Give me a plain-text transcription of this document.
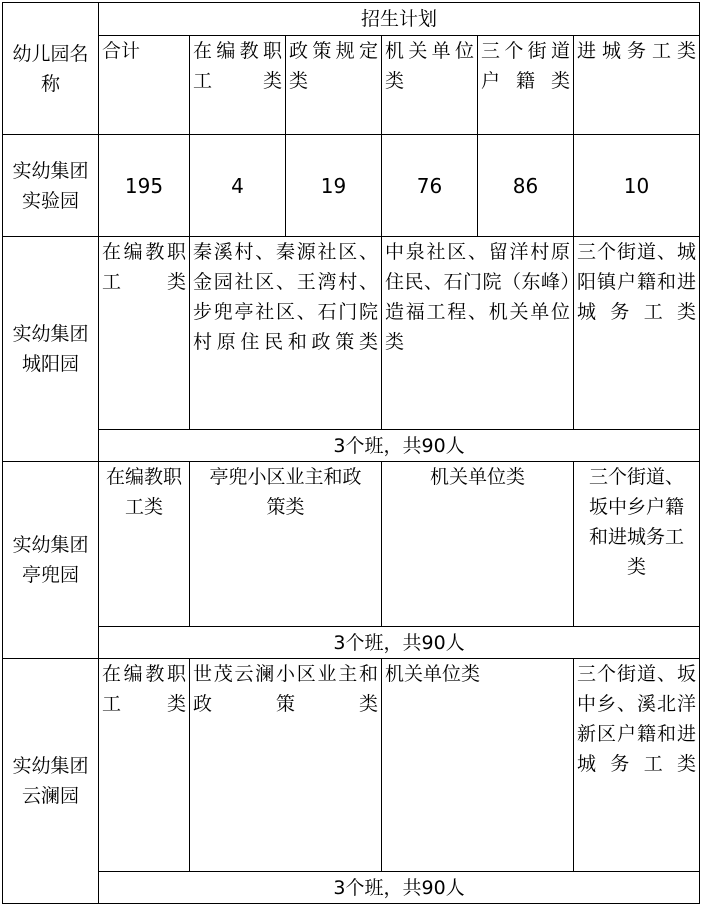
幼儿园名称	招生计划					
	合计	在编教职工类	政策规定类	机关单位类	三个街道户籍类	进城务工类
实幼集团实验园	195	4	19	76	86	10
实幼集团城阳园	在编教职工类	秦溪村、秦源社区、金园社区、王湾村、步兜亭社区、石门院村原住民和政策类		中泉社区、留洋村原住民、石门院（东峰）造福工程、机关单位类		三个街道、城阳镇户籍和进城务工类
	3个班，共90人					
实幼集团亭兜园	在编教职工类	亭兜小区业主和政策类		机关单位类		三个街道、坂中乡户籍和进城务工类
	3个班，共90人					
实幼集团云澜园	在编教职工类	世茂云澜小区业主和政策类		机关单位类		三个街道、坂中乡、溪北洋新区户籍和进城务工类
	3个班，共90人					
